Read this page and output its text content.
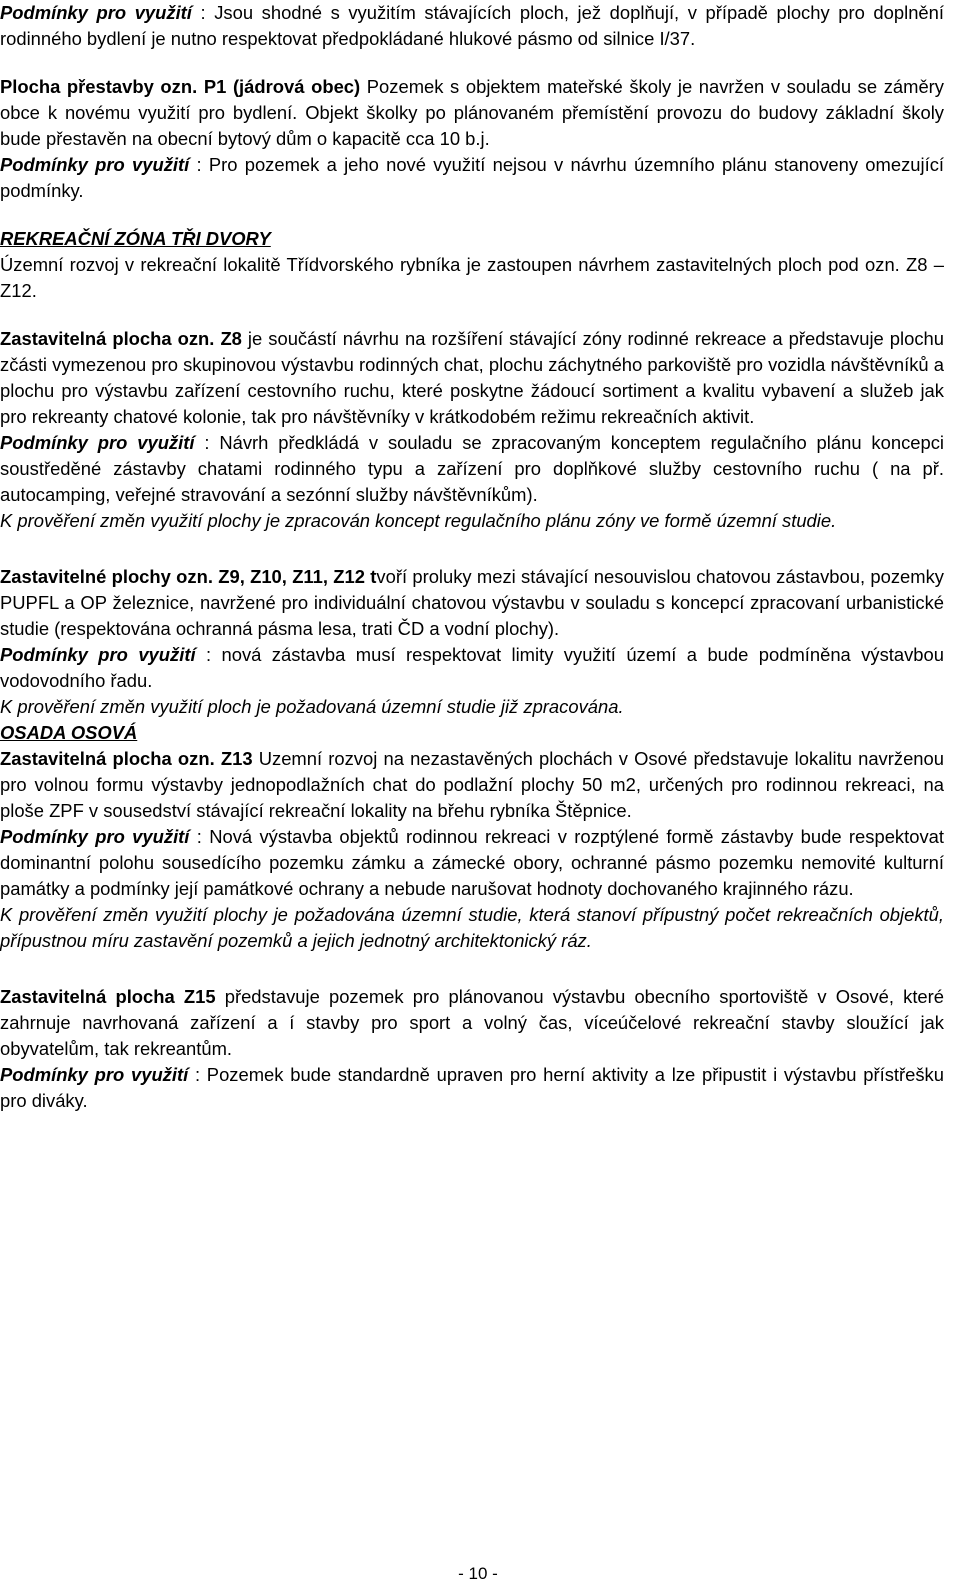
Podmínky pro využití : Jsou shodné s využitím stávajících ploch, jež doplňují, v případě plochy pro doplnění rodinného bydlení je nutno respektovat předpokládané hlukové pásmo od silnice I/37.

Plocha přestavby ozn. P1 (jádrová obec) Pozemek s objektem mateřské školy je navržen v souladu se záměry obce k novému využití pro bydlení. Objekt školky po plánovaném přemístění provozu do budovy základní školy bude přestavěn na obecní bytový dům o kapacitě cca 10 b.j.

Podmínky pro využití : Pro pozemek a jeho nové využití nejsou v návrhu územního plánu stanoveny omezující podmínky.

REKREAČNÍ ZÓNA TŘI DVORY

Územní rozvoj v rekreační lokalitě Třídvorského rybníka je zastoupen návrhem zastavitelných ploch pod ozn. Z8 – Z12.

Zastavitelná plocha ozn. Z8 je součástí návrhu na rozšíření stávající zóny rodinné rekreace a představuje plochu zčásti vymezenou pro skupinovou výstavbu rodinných chat, plochu záchytného parkoviště pro vozidla návštěvníků a plochu pro výstavbu zařízení cestovního ruchu, které poskytne žádoucí sortiment a kvalitu vybavení a služeb jak pro rekreanty chatové kolonie, tak pro návštěvníky v krátkodobém režimu rekreačních aktivit.

Podmínky pro využití : Návrh předkládá v souladu se zpracovaným konceptem regulačního plánu koncepci soustředěné zástavby chatami rodinného typu a zařízení pro doplňkové služby cestovního ruchu ( na př. autocamping, veřejné stravování a sezónní služby návštěvníkům).

K prověření změn využití plochy je zpracován koncept regulačního plánu zóny ve formě územní studie.

Zastavitelné plochy ozn. Z9, Z10, Z11, Z12 tvoří proluky mezi stávající nesouvislou chatovou zástavbou, pozemky PUPFL a OP železnice, navržené pro individuální chatovou výstavbu v souladu s koncepcí zpracovaní urbanistické studie (respektována ochranná pásma lesa, trati ČD a vodní plochy).

Podmínky pro využití : nová zástavba musí respektovat limity využití území a bude podmíněna výstavbou vodovodního řadu.

K prověření změn využití ploch je požadovaná územní studie již zpracována.

OSADA OSOVÁ

Zastavitelná plocha ozn. Z13 Uzemní rozvoj na nezastavěných plochách v Osové představuje lokalitu navrženou pro volnou formu výstavby jednopodlažních chat do podlažní plochy 50 m2, určených pro rodinnou rekreaci, na ploše ZPF v sousedství stávající rekreační lokality na břehu rybníka Štěpnice.

Podmínky pro využití : Nová výstavba objektů rodinnou rekreaci v rozptýlené formě zástavby bude respektovat dominantní polohu sousedícího pozemku zámku a zámecké obory, ochranné pásmo pozemku nemovité kulturní památky a podmínky její památkové ochrany a nebude narušovat hodnoty dochovaného krajinného rázu.

K prověření změn využití plochy je požadována územní studie, která stanoví přípustný počet rekreačních objektů, přípustnou míru zastavění pozemků a jejich jednotný architektonický ráz.

Zastavitelná plocha Z15 představuje pozemek pro plánovanou výstavbu obecního sportoviště v Osové, které zahrnuje navrhovaná zařízení a í stavby pro sport a volný čas, víceúčelové rekreační stavby sloužící jak obyvatelům, tak rekreantům.

Podmínky pro využití : Pozemek bude standardně upraven pro herní aktivity a lze připustit i výstavbu přístřešku pro diváky.

- 10 -
